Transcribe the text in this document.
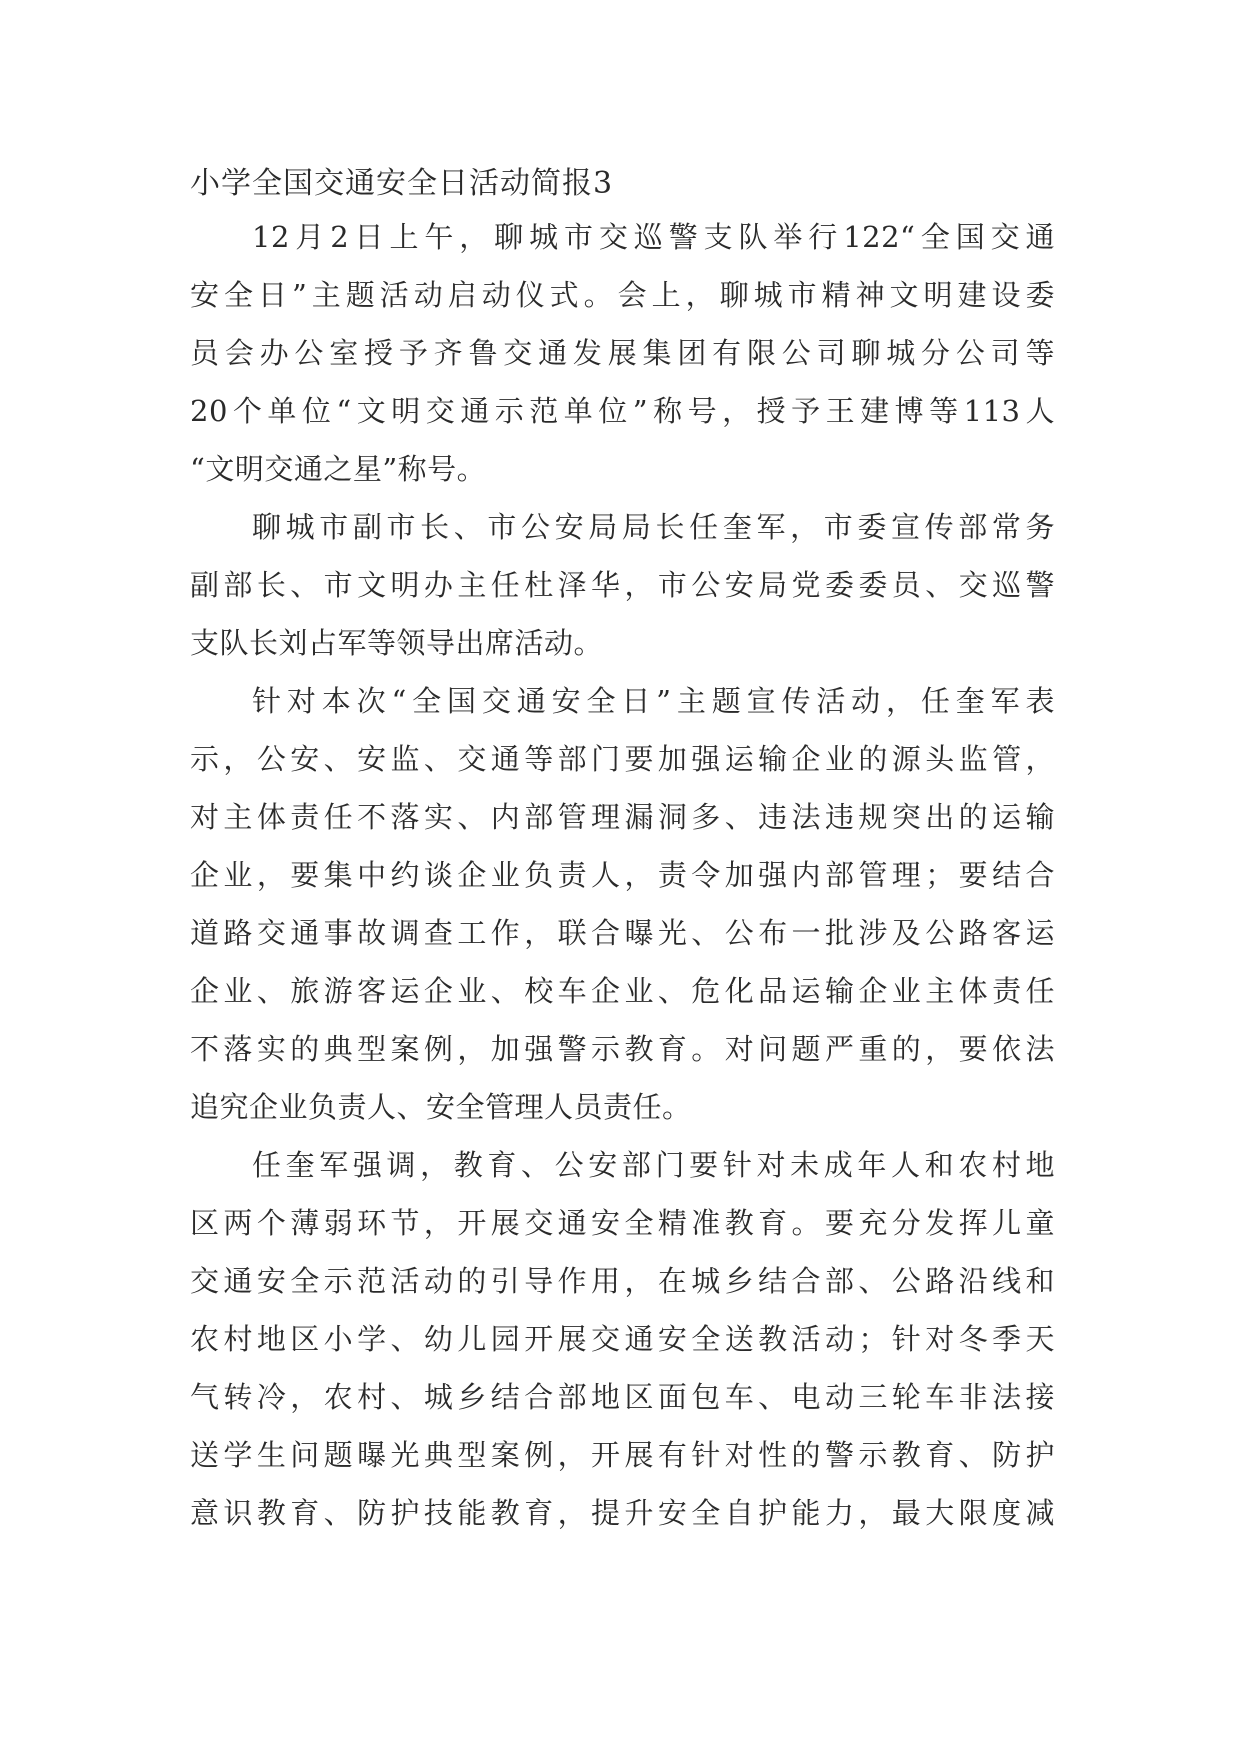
小学全国交通安全日活动简报3

12月2日上午，聊城市交巡警支队举行122“全国交通
安全日”主题活动启动仪式。会上，聊城市精神文明建设委
员会办公室授予齐鲁交通发展集团有限公司聊城分公司等
20个单位“文明交通示范单位”称号，授予王建博等113人
“文明交通之星”称号。

聊城市副市长、市公安局局长任奎军，市委宣传部常务
副部长、市文明办主任杜泽华，市公安局党委委员、交巡警
支队长刘占军等领导出席活动。

针对本次“全国交通安全日”主题宣传活动，任奎军表
示，公安、安监、交通等部门要加强运输企业的源头监管，
对主体责任不落实、内部管理漏洞多、违法违规突出的运输
企业，要集中约谈企业负责人，责令加强内部管理；要结合
道路交通事故调查工作，联合曝光、公布一批涉及公路客运
企业、旅游客运企业、校车企业、危化品运输企业主体责任
不落实的典型案例，加强警示教育。对问题严重的，要依法
追究企业负责人、安全管理人员责任。

任奎军强调，教育、公安部门要针对未成年人和农村地
区两个薄弱环节，开展交通安全精准教育。要充分发挥儿童
交通安全示范活动的引导作用，在城乡结合部、公路沿线和
农村地区小学、幼儿园开展交通安全送教活动；针对冬季天
气转冷，农村、城乡结合部地区面包车、电动三轮车非法接
送学生问题曝光典型案例，开展有针对性的警示教育、防护
意识教育、防护技能教育，提升安全自护能力，最大限度减
